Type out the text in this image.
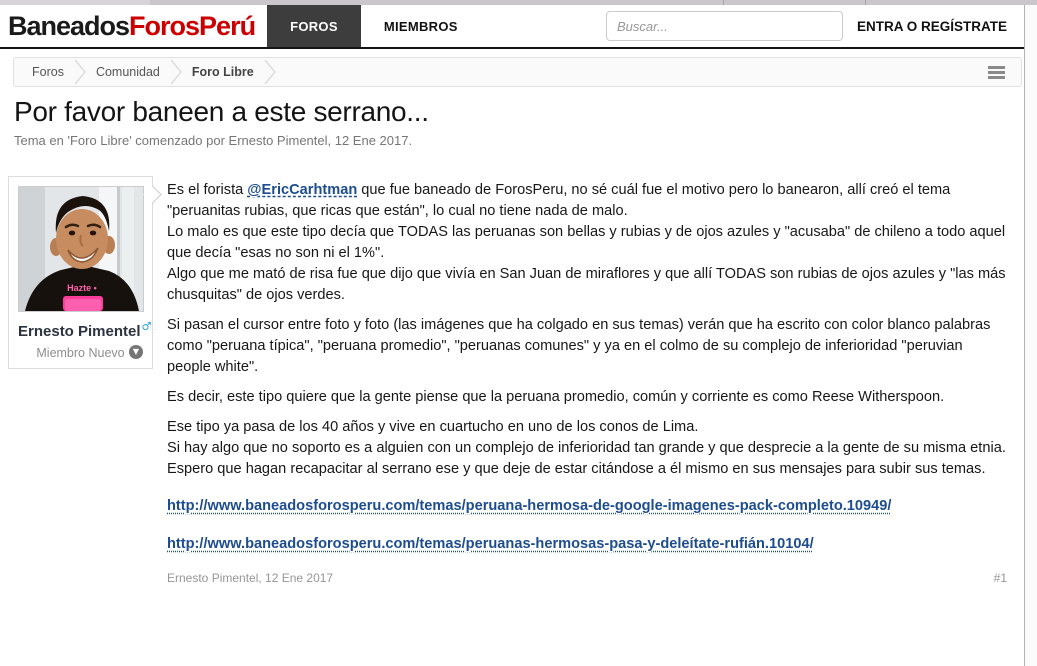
BaneadosForosPerú	FOROS	MIEMBROS
Buscar...	ENTRA O REGÍSTRATE
Foros	Comunidad	Foro Libre
Por favor baneen a este serrano...
Tema en 'Foro Libre' comenzado por Ernesto Pimentel, 12 Ene 2017.
Hazte •
Ernesto Pimentel♂
Miembro Nuevo	▼
Es el forista @EricCarhtman que fue baneado de ForosPeru, no sé cuál fue el motivo pero lo banearon, allí creó el tema "peruanitas rubias, que ricas que están", lo cual no tiene nada de malo.
Lo malo es que este tipo decía que TODAS las peruanas son bellas y rubias y de ojos azules y "acusaba" de chileno a todo aquel que decía "esas no son ni el 1%".
Algo que me mató de risa fue que dijo que vivía en San Juan de miraflores y que allí TODAS son rubias de ojos azules y "las más chusquitas" de ojos verdes.
Si pasan el cursor entre foto y foto (las imágenes que ha colgado en sus temas) verán que ha escrito con color blanco palabras como "peruana típica", "peruana promedio", "peruanas comunes" y ya en el colmo de su complejo de inferioridad "peruvian people white".
Es decir, este tipo quiere que la gente piense que la peruana promedio, común y corriente es como Reese Witherspoon.
Ese tipo ya pasa de los 40 años y vive en cuartucho en uno de los conos de Lima.
Si hay algo que no soporto es a alguien con un complejo de inferioridad tan grande y que desprecie a la gente de su misma etnia.
Espero que hagan recapacitar al serrano ese y que deje de estar citándose a él mismo en sus mensajes para subir sus temas.
http://www.baneadosforosperu.com/temas/peruana-hermosa-de-google-imagenes-pack-completo.10949/
http://www.baneadosforosperu.com/temas/peruanas-hermosas-pasa-y-deleítate-rufián.10104/
Ernesto Pimentel, 12 Ene 2017	#1
